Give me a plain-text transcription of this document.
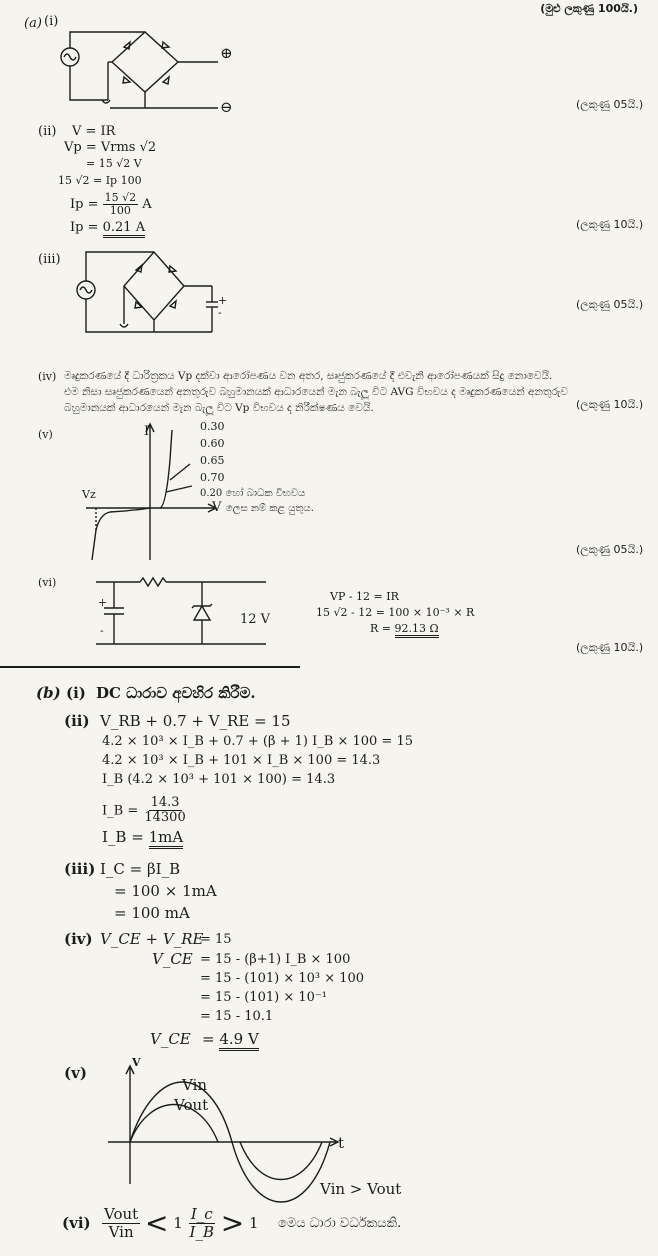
(මුළු ලකුණු 100යි.)
(a) (i)
⊕
⊖	(ලකුණු 05යි.)
(ii) V = IR
Vp = Vrms √2
= 15 √2 V
15 √2 = Ip 100
$Ip = \frac{15 √2}{100}$ A
Ip = 0.21 A	(ලකුණු 10යි.)
(iii)
+
-
(ලකුණු 05යි.)
(iv) මෘදුකරණයේ දී ධාරිත්‍රකය Vp දක්වා ආරෝපණය වන අතර, සෘජුකරණයේ දී එවැනි ආරෝපණයක් සිදු නොවෙයි.
එම නිසා සෘජුකරණයෙන් අනතුරුව බහුමානයක් ආධාරයෙන් මැන බැලූ විට AVG විභවය ද මෘදුකරණයෙන් අනතුරුව
බහුමානයක් ආධාරයෙන් මැන බැලූ විට Vp විභවය ද නිරීක්ෂණය වෙයි.	(ලකුණු 10යි.)
(v)	I
V
Vz
0.30
0.60
0.65
0.70
0.20 හෝ බාධක විභවය
ලෙස නම් කළ යුතුය.
(ලකුණු 05යි.)
(vi)
+
-
12 V
VP - 12 = IR
15 √2 - 12 = 100 × 10⁻³ × R
R = 92.13 Ω
(ලකුණු 10යි.)
(b) (i) DC ධාරාව අවහිර කිරීම.
(ii) V_RB + 0.7 + V_RE = 15
4.2 × 10³ × I_B + 0.7 + (β + 1) I_B × 100 = 15
4.2 × 10³ × I_B + 101 × I_B × 100 = 14.3
I_B (4.2 × 10³ + 101 × 100) = 14.3
I_B = $\frac{14.3}{14300}$
I_B = 1mA
(iii) I_C = βI_B
= 100 × 1mA
= 100 mA
(iv) V_CE + V_RE
= 15
V_CE = 15 - (β+1) I_B × 100
= 15 - (101) × 10³ × 100
= 15 - (101) × 10⁻¹
= 15 - 10.1
V_CE = 4.9 V
(v)
V
t
Vin
Vout
Vin > Vout
$(vi) \frac{\text{Vout}}{\text{Vin}} < 1 \frac{I\_c}{I\_B} > 1$ මෙය ධාරා වර්ධකයකි.
